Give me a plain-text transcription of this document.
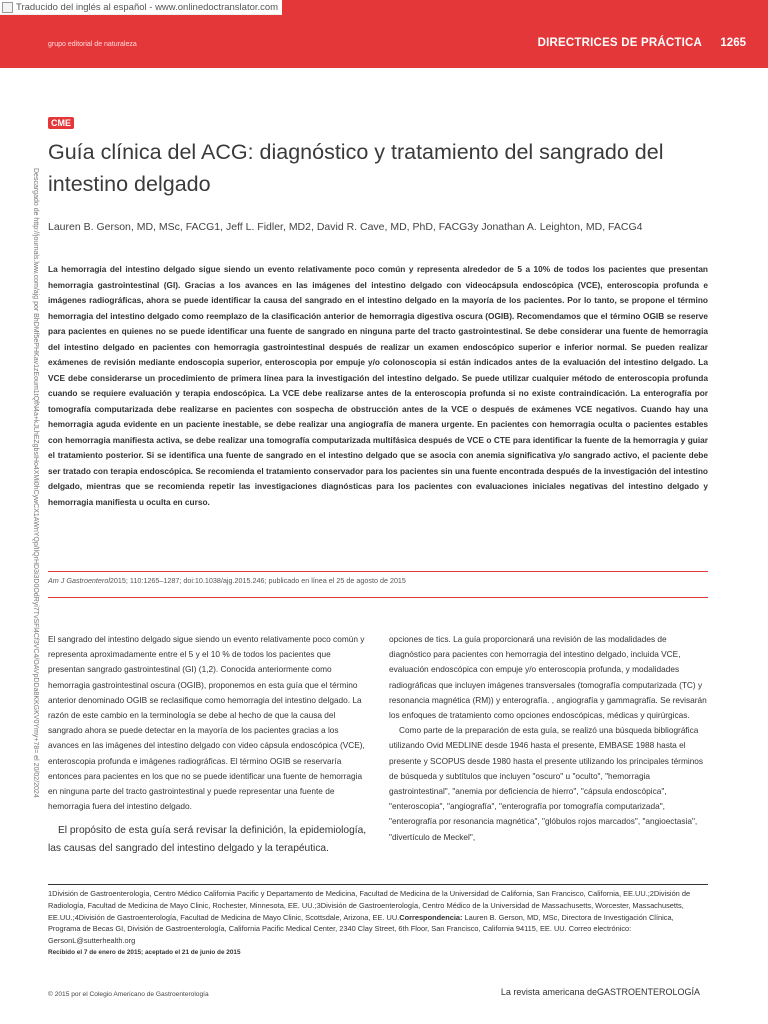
grupo editorial de naturaleza	DIRECTRICES DE PRÁCTICA 1265
Traducido del inglés al español - www.onlinedoctranslator.com
CME
Guía clínica del ACG: diagnóstico y tratamiento del sangrado del intestino delgado
Descargado de http://journals.lww.com/ajg por BhDMf5ePHKav1zEoum1tQfN4a+kJLhEZgbsIHo4XMi0hCywCX1AWnYQp/IlQrHD3i3D0OdRyi7TvSFl4Cf3VC4/OAVpDDa8KKGKV0Ymy+78= el 20/02/2024 Lauren B. Gerson, MD, MSc, FACG1, Jeff L. Fidler, MD2, David R. Cave, MD, PhD, FACG3y Jonathan A. Leighton, MD, FACG4

La hemorragia del intestino delgado sigue siendo un evento relativamente poco común y representa alrededor de 5 a 10% de todos los pacientes que presentan hemorragia gastrointestinal (GI). Gracias a los avances en las imágenes del intestino delgado con videocápsula endoscópica (VCE), enteroscopia profunda e imágenes radiográficas, ahora se puede identificar la causa del sangrado en el intestino delgado en la mayoría de los pacientes. Por lo tanto, se propone el término hemorragia del intestino delgado como reemplazo de la clasificación anterior de hemorragia digestiva oscura (OGIB). Recomendamos que el término OGIB se reserve para pacientes en quienes no se puede identificar una fuente de sangrado en ninguna parte del tracto gastrointestinal. Se debe considerar una fuente de hemorragia del intestino delgado en pacientes con hemorragia gastrointestinal después de realizar un examen endoscópico superior e inferior normal. Se pueden realizar exámenes de revisión mediante endoscopia superior, enteroscopia por empuje y/o colonoscopia si están indicados antes de la evaluación del intestino delgado. La VCE debe considerarse un procedimiento de primera línea para la investigación del intestino delgado. Se puede utilizar cualquier método de enteroscopia profunda cuando se requiere evaluación y terapia endoscópica. La VCE debe realizarse antes de la enteroscopia profunda si no existe contraindicación. La enterografía por tomografía computarizada debe realizarse en pacientes con sospecha de obstrucción antes de la VCE o después de exámenes VCE negativos. Cuando hay una hemorragia aguda evidente en un paciente inestable, se debe realizar una angiografía de manera urgente. En pacientes con hemorragia oculta o pacientes estables con hemorragia manifiesta activa, se debe realizar una tomografía computarizada multifásica después de VCE o CTE para identificar la fuente de la hemorragia y guiar el tratamiento posterior. Si se identifica una fuente de sangrado en el intestino delgado que se asocia con anemia significativa y/o sangrado activo, el paciente debe ser tratado con terapia endoscópica. Se recomienda el tratamiento conservador para los pacientes sin una fuente encontrada después de la investigación del intestino delgado, mientras que se recomienda repetir las investigaciones diagnósticas para los pacientes con evaluaciones iniciales negativas del intestino delgado y hemorragia manifiesta u oculta en curso.

Am J Gastroenterol2015; 110:1265–1287; doi:10.1038/ajg.2015.246; publicado en línea el 25 de agosto de 2015

El sangrado del intestino delgado sigue siendo un evento relativamente poco común y representa aproximadamente entre el 5 y el 10 % de todos los pacientes que presentan sangrado gastrointestinal (GI) (1,2). Conocida anteriormente como hemorragia gastrointestinal oscura (OGIB), proponemos en esta guía que el término anterior denominado OGIB se reclasifique como hemorragia del intestino delgado. La razón de este cambio en la terminología se debe al hecho de que la causa del sangrado ahora se puede detectar en la mayoría de los pacientes gracias a los avances en las imágenes del intestino delgado con video cápsula endoscópica (VCE), enteroscopia profunda e imágenes radiográficas. El término OGIB se reservaría entonces para pacientes en los que no se puede identificar una fuente de hemorragia en ninguna parte del tracto gastrointestinal y puede representar una fuente de hemorragia fuera del intestino delgado.

El propósito de esta guía será revisar la definición, la epidemiología, las causas del sangrado del intestino delgado y la terapéutica.

opciones de tics. La guía proporcionará una revisión de las modalidades de diagnóstico para pacientes con hemorragia del intestino delgado, incluida VCE, evaluación endoscópica con empuje y/o enteroscopia profunda, y modalidades radiográficas que incluyen imágenes transversales (tomografía computarizada (TC) y resonancia magnética (RM)) y enterografía. , angiografía y gammagrafía. Se revisarán los enfoques de tratamiento como opciones endoscópicas, médicas y quirúrgicas.

Como parte de la preparación de esta guía, se realizó una búsqueda bibliográfica utilizando Ovid MEDLINE desde 1946 hasta el presente, EMBASE 1988 hasta el presente y SCOPUS desde 1980 hasta el presente utilizando los principales términos de búsqueda y subtítulos que incluyen "oscuro" u "oculto", "hemorragia gastrointestinal", "anemia por deficiencia de hierro", "cápsula endoscópica", "enteroscopia", "angiografía", "enterografía por tomografía computarizada", "enterografía por resonancia magnética", "glóbulos rojos marcados", "angioectasia", "divertículo de Meckel",

1División de Gastroenterología, Centro Médico California Pacific y Departamento de Medicina, Facultad de Medicina de la Universidad de California, San Francisco, California, EE.UU.;2División de Radiología, Facultad de Medicina de Mayo Clinic, Rochester, Minnesota, EE. UU.;3División de Gastroenterología, Centro Médico de la Universidad de Massachusetts, Worcester, Massachusetts, EE.UU.;4División de Gastroenterología, Facultad de Medicina de Mayo Clinic, Scottsdale, Arizona, EE. UU.Correspondencia: Lauren B. Gerson, MD, MSc, Directora de Investigación Clínica, Programa de Becas GI, División de Gastroenterología, California Pacific Medical Center, 2340 Clay Street, 6th Floor, San Francisco, California 94115, EE. UU. Correo electrónico: GersonL@sutterhealth.org
Recibido el 7 de enero de 2015; aceptado el 21 de junio de 2015
© 2015 por el Colegio Americano de Gastroenterología	La revista americana deGASTROENTEROLOGÍA
